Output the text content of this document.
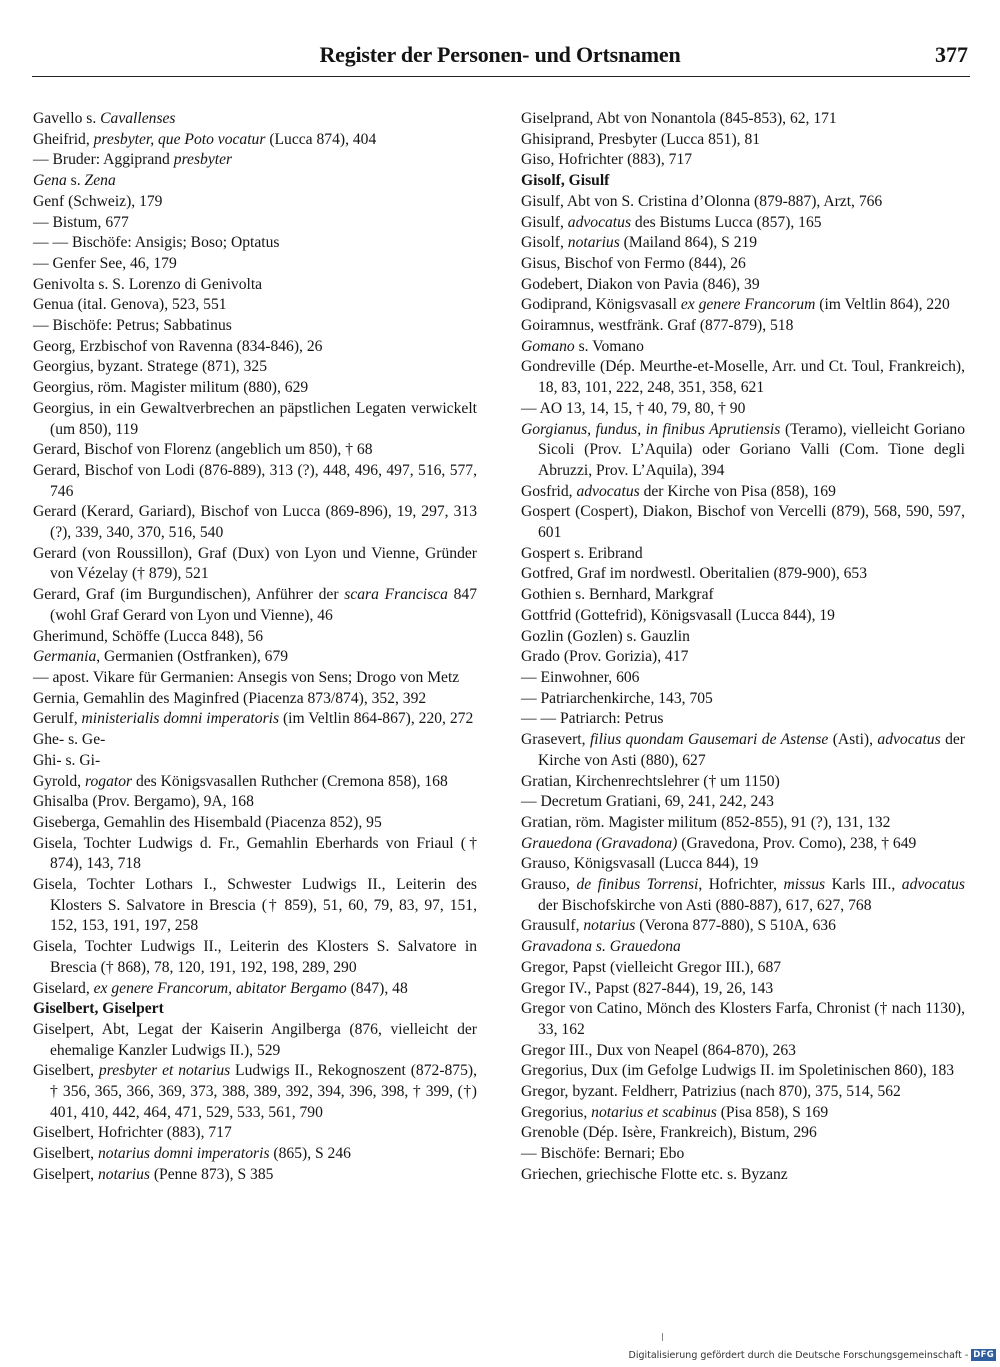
Register der Personen- und Ortsnamen	377

Gavello s. Cavallenses

Gheifrid, presbyter, que Poto vocatur (Lucca 874), 404

— Bruder: Aggiprand presbyter

Gena s. Zena

Genf (Schweiz), 179

— Bistum, 677

— — Bischöfe: Ansigis; Boso; Optatus

— Genfer See, 46, 179

Genivolta s. S. Lorenzo di Genivolta

Genua (ital. Genova), 523, 551

— Bischöfe: Petrus; Sabbatinus

Georg, Erzbischof von Ravenna (834-846), 26

Georgius, byzant. Stratege (871), 325

Georgius, röm. Magister militum (880), 629

Georgius, in ein Gewaltverbrechen an päpstlichen Legaten verwickelt (um 850), 119

Gerard, Bischof von Florenz (angeblich um 850), † 68

Gerard, Bischof von Lodi (876-889), 313 (?), 448, 496, 497, 516, 577, 746

Gerard (Kerard, Gariard), Bischof von Lucca (869-896), 19, 297, 313 (?), 339, 340, 370, 516, 540

Gerard (von Roussillon), Graf (Dux) von Lyon und Vienne, Gründer von Vézelay († 879), 521

Gerard, Graf (im Burgundischen), Anführer der scara Francisca 847 (wohl Graf Gerard von Lyon und Vienne), 46

Gherimund, Schöffe (Lucca 848), 56

Germania, Germanien (Ostfranken), 679

— apost. Vikare für Germanien: Ansegis von Sens; Drogo von Metz

Gernia, Gemahlin des Maginfred (Piacenza 873/874), 352, 392

Gerulf, ministerialis domni imperatoris (im Veltlin 864-867), 220, 272

Ghe- s. Ge-

Ghi- s. Gi-

Gyrold, rogator des Königsvasallen Ruthcher (Cremona 858), 168

Ghisalba (Prov. Bergamo), 9A, 168

Giseberga, Gemahlin des Hisembald (Piacenza 852), 95

Gisela, Tochter Ludwigs d. Fr., Gemahlin Eberhards von Friaul († 874), 143, 718

Gisela, Tochter Lothars I., Schwester Ludwigs II., Leiterin des Klosters S. Salvatore in Brescia († 859), 51, 60, 79, 83, 97, 151, 152, 153, 191, 197, 258

Gisela, Tochter Ludwigs II., Leiterin des Klosters S. Salvatore in Brescia († 868), 78, 120, 191, 192, 198, 289, 290

Giselard, ex genere Francorum, abitator Bergamo (847), 48

Giselbert, Giselpert

Giselpert, Abt, Legat der Kaiserin Angilberga (876, vielleicht der ehemalige Kanzler Ludwigs II.), 529

Giselbert, presbyter et notarius Ludwigs II., Rekognoszent (872-875), † 356, 365, 366, 369, 373, 388, 389, 392, 394, 396, 398, † 399, (†) 401, 410, 442, 464, 471, 529, 533, 561, 790

Giselbert, Hofrichter (883), 717

Giselbert, notarius domni imperatoris (865), S 246

Giselpert, notarius (Penne 873), S 385

Giselprand, Abt von Nonantola (845-853), 62, 171

Ghisiprand, Presbyter (Lucca 851), 81

Giso, Hofrichter (883), 717

Gisolf, Gisulf

Gisulf, Abt von S. Cristina d’Olonna (879-887), Arzt, 766

Gisulf, advocatus des Bistums Lucca (857), 165

Gisolf, notarius (Mailand 864), S 219

Gisus, Bischof von Fermo (844), 26

Godebert, Diakon von Pavia (846), 39

Godiprand, Königsvasall ex genere Francorum (im Veltlin 864), 220

Goiramnus, westfränk. Graf (877-879), 518

Gomano s. Vomano

Gondreville (Dép. Meurthe-et-Moselle, Arr. und Ct. Toul, Frankreich), 18, 83, 101, 222, 248, 351, 358, 621

— AO 13, 14, 15, † 40, 79, 80, † 90

Gorgianus, fundus, in finibus Aprutiensis (Teramo), vielleicht Goriano Sicoli (Prov. L’Aquila) oder Goriano Valli (Com. Tione degli Abruzzi, Prov. L’Aquila), 394

Gosfrid, advocatus der Kirche von Pisa (858), 169

Gospert (Cospert), Diakon, Bischof von Vercelli (879), 568, 590, 597, 601

Gospert s. Eribrand

Gotfred, Graf im nordwestl. Oberitalien (879-900), 653

Gothien s. Bernhard, Markgraf

Gottfrid (Gottefrid), Königsvasall (Lucca 844), 19

Gozlin (Gozlen) s. Gauzlin

Grado (Prov. Gorizia), 417

— Einwohner, 606

— Patriarchenkirche, 143, 705

— — Patriarch: Petrus

Grasevert, filius quondam Gausemari de Astense (Asti), advocatus der Kirche von Asti (880), 627

Gratian, Kirchenrechtslehrer († um 1150)

— Decretum Gratiani, 69, 241, 242, 243

Gratian, röm. Magister militum (852-855), 91 (?), 131, 132

Grauedona (Gravadona) (Gravedona, Prov. Como), 238, † 649

Grauso, Königsvasall (Lucca 844), 19

Grauso, de finibus Torrensi, Hofrichter, missus Karls III., advocatus der Bischofskirche von Asti (880-887), 617, 627, 768

Grausulf, notarius (Verona 877-880), S 510A, 636

Gravadona s. Grauedona

Gregor, Papst (vielleicht Gregor III.), 687

Gregor IV., Papst (827-844), 19, 26, 143

Gregor von Catino, Mönch des Klosters Farfa, Chronist († nach 1130), 33, 162

Gregor III., Dux von Neapel (864-870), 263

Gregorius, Dux (im Gefolge Ludwigs II. im Spoletinischen 860), 183

Gregor, byzant. Feldherr, Patrizius (nach 870), 375, 514, 562

Gregorius, notarius et scabinus (Pisa 858), S 169

Grenoble (Dép. Isère, Frankreich), Bistum, 296

— Bischöfe: Bernari; Ebo

Griechen, griechische Flotte etc. s. Byzanz

Digitalisierung gefördert durch die Deutsche Forschungsgemeinschaft - DFG
